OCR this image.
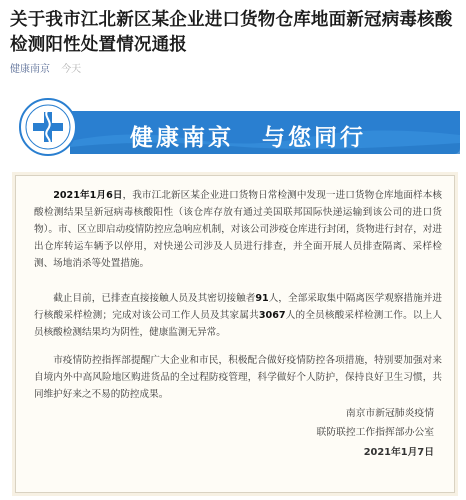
关于我市江北新区某企业进口货物仓库地面新冠病毒核酸检测阳性处置情况通报
健康南京 今天
健康南京 与您同行

2021年1月6日，我市江北新区某企业进口货物日常检测中发现一进口货物仓库地面样本核酸检测结果呈新冠病毒核酸阳性（该仓库存放有通过美国联邦国际快递运输到该公司的进口货物）。市、区立即启动疫情防控应急响应机制，对该公司涉疫仓库进行封闭，货物进行封存，对进出仓库转运车辆予以停用，对快递公司涉及人员进行排查，并全面开展人员排查隔离、采样检测、场地消杀等处置措施。

截止目前，已排查直接接触人员及其密切接触者91人，全部采取集中隔离医学观察措施并进行核酸采样检测；完成对该公司工作人员及其家属共3067人的全员核酸采样检测工作。以上人员核酸检测结果均为阴性，健康监测无异常。

市疫情防控指挥部提醒广大企业和市民，积极配合做好疫情防控各项措施，特别要加强对来自境内外中高风险地区购进货品的全过程防疫管理，科学做好个人防护，保持良好卫生习惯，共同维护好来之不易的防控成果。

南京市新冠肺炎疫情
联防联控工作指挥部办公室
2021年1月7日
